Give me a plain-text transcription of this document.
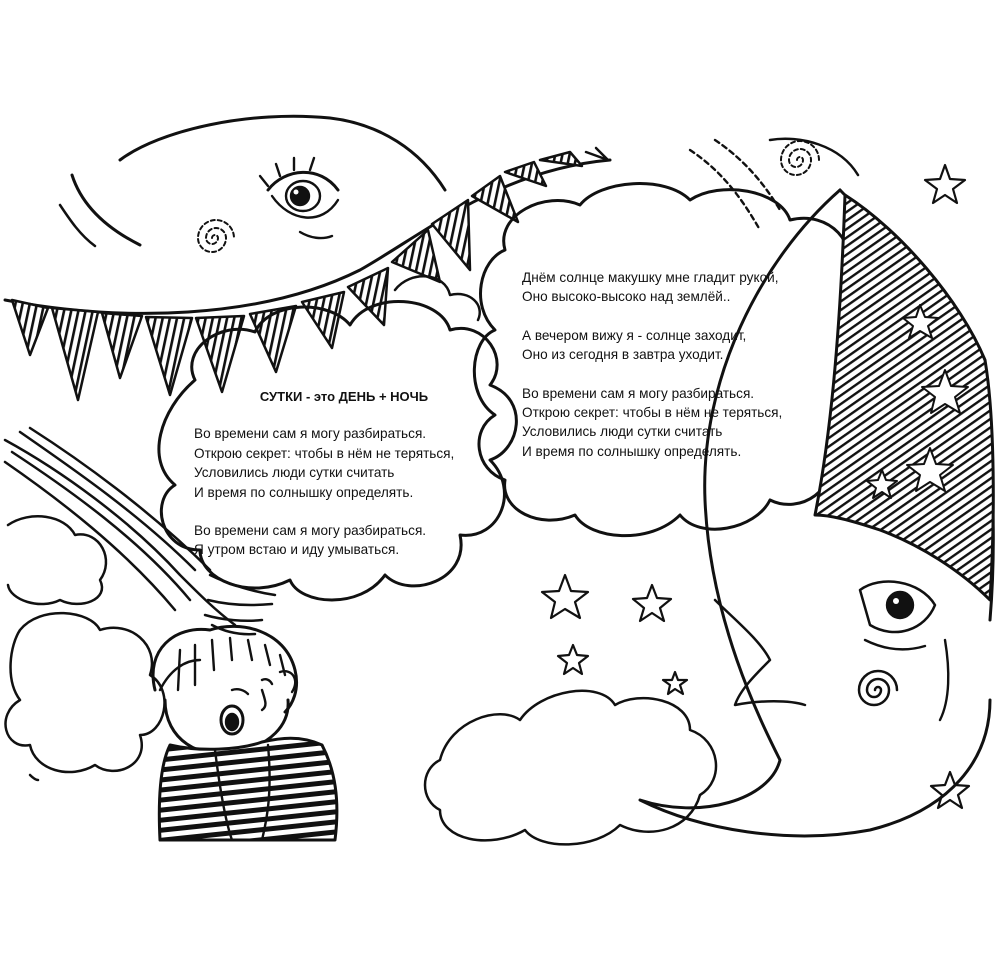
СУТКИ - это ДЕНЬ + НОЧЬ
Во времени сам я могу разбираться.
Открою секрет: чтобы в нём не теряться,
Условились люди сутки считать
И время по солнышку определять.
Во времени сам я могу разбираться.
Я утром встаю и иду умываться.
Днём солнце макушку мне гладит рукой,
Оно высоко-высоко над землёй..
А вечером вижу я - солнце заходит,
Оно из сегодня в завтра уходит.
Во времени сам я могу разбираться.
Открою секрет: чтобы в нём не теряться,
Условились люди сутки считать
И время по солнышку определять.
